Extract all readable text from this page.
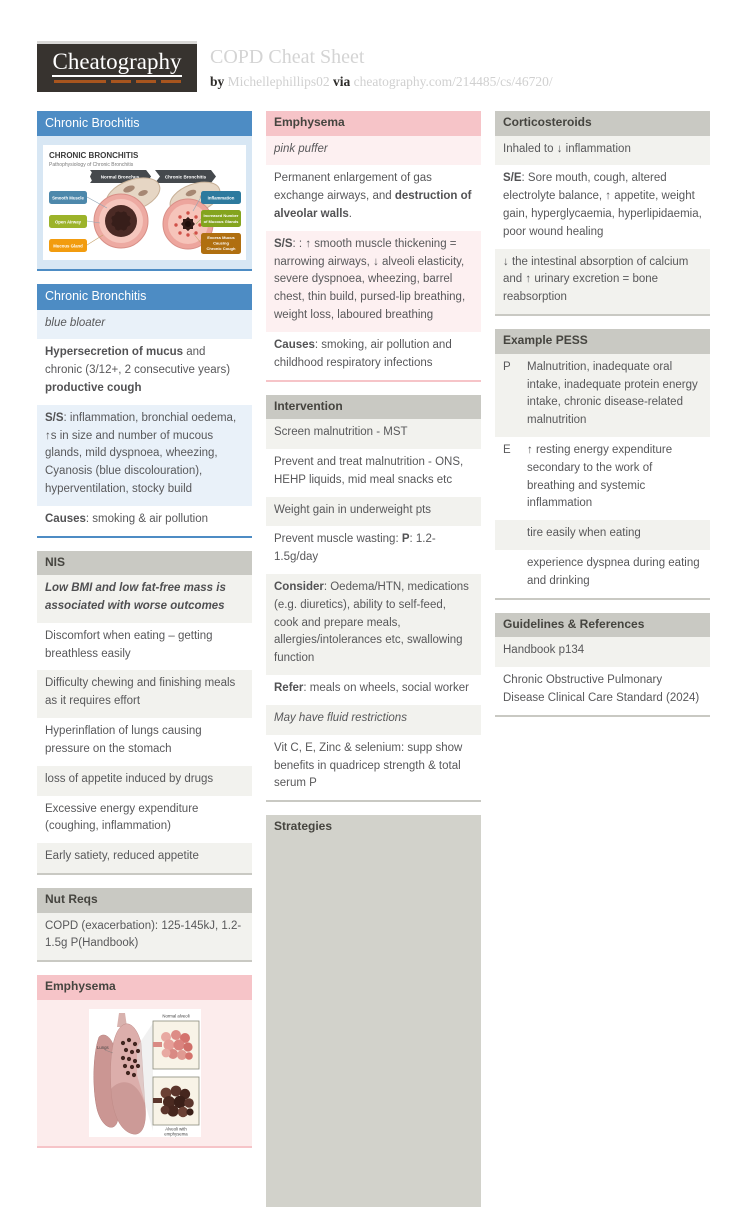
Cheatography COPD Cheat Sheet
by Michellephillips02 via cheatography.com/214485/cs/46720/
Chronic Brochitis
CHRONIC BRONCHITIS
Pathophysiology of Chronic Bronchitis
Normal Bronchus	Chronic Bronchitis
Smooth Muscle
Open Airway
Mucous Gland
Inflammation
Increased Number
of Mucous Glands
Excess Mucus
Causing
Chronic Cough
Chronic Bronchitis
blue bloater
Hypersecretion of mucus and chronic (3/12+, 2 consecutive years) productive cough
S/S: inflammation, bronchial oedema, ↑s in size and number of mucous glands, mild dyspnoea, wheezing, Cyanosis (blue discolouration), hyperventilation, stocky build
Causes: smoking & air pollution
NIS
Low BMI and low fat-free mass is associated with worse outcomes
Discomfort when eating – getting breathless easily
Difficulty chewing and finishing meals as it requires effort
Hyperinflation of lungs causing pressure on the stomach
loss of appetite induced by drugs
Excessive energy expenditure (coughing, inflammation)
Early satiety, reduced appetite
Nut Reqs
COPD (exacerbation): 125-145kJ, 1.2-1.5g P(Handbook)
Emphysema
Normal alveoli
Alveoli with
emphysema
Lungs
Emphysema
pink puffer
Permanent enlargement of gas exchange airways, and destruction of alveolar walls.
S/S: : ↑ smooth muscle thickening = narrowing airways, ↓ alveoli elasticity, severe dyspnoea, wheezing, barrel chest, thin build, pursed-lip breathing, weight loss, laboured breathing
Causes: smoking, air pollution and childhood respiratory infections
Intervention
Screen malnutrition - MST
Prevent and treat malnutrition - ONS, HEHP liquids, mid meal snacks etc
Weight gain in underweight pts
Prevent muscle wasting: P: 1.2-1.5g/day
Consider: Oedema/HTN, medications (e.g. diuretics), ability to self-feed, cook and prepare meals, allergies/intolerances etc, swallowing function
Refer: meals on wheels, social worker
May have fluid restrictions
Vit C, E, Zinc & selenium: supp show benefits in quadricep strength & total serum P
Strategies
Corticosteroids
Inhaled to ↓ inflammation
S/E: Sore mouth, cough, altered electrolyte balance, ↑ appetite, weight gain, hyperglycaemia, hyperlipidaemia, poor wound healing
↓ the intestinal absorption of calcium and ↑ urinary excretion = bone reabsorption
Example PESS
P	Malnutrition, inadequate oral intake, inadequate protein energy intake, chronic disease-related malnutrition
E	↑ resting energy expenditure secondary to the work of breathing and systemic inflammation
tire easily when eating
experience dyspnea during eating and drinking
Guidelines & References
Handbook p134
Chronic Obstructive Pulmonary Disease Clinical Care Standard (2024)
